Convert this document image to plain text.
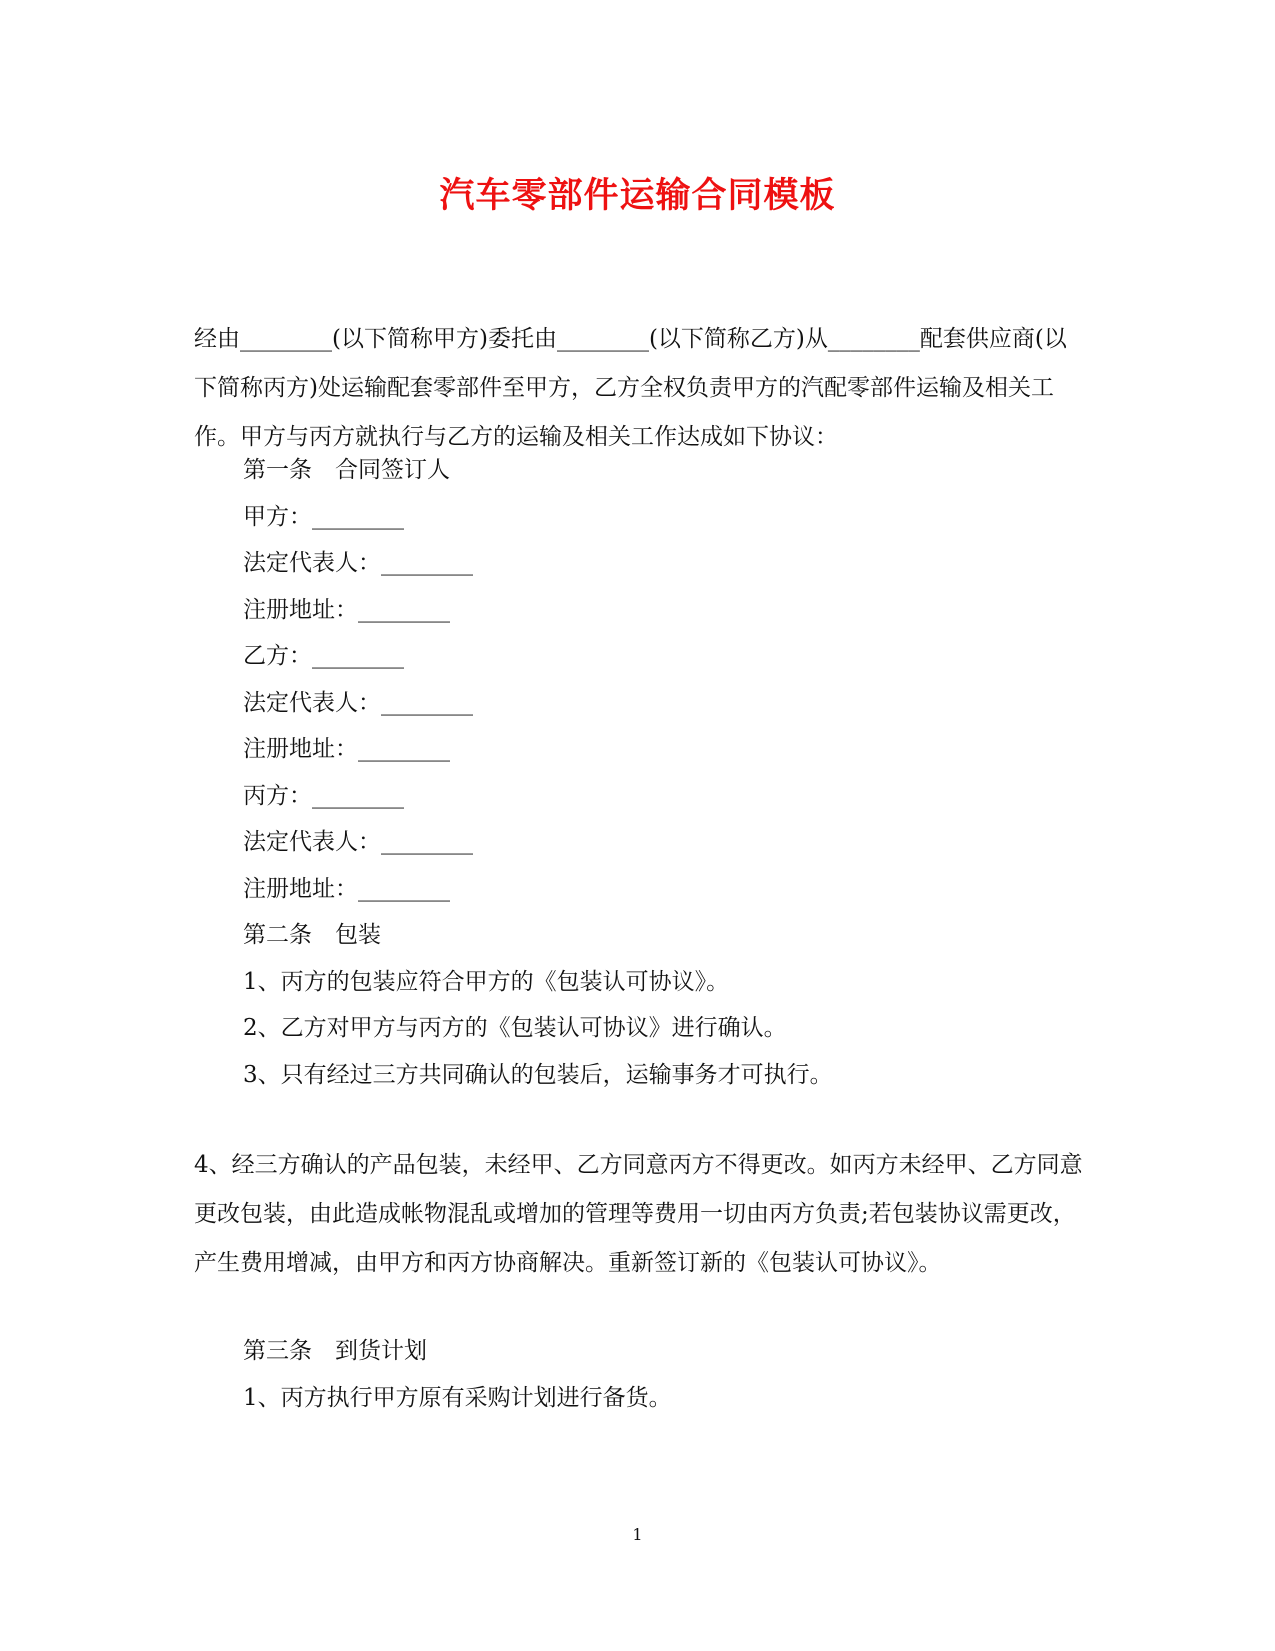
汽车零部件运输合同模板

经由________(以下简称甲方)委托由________(以下简称乙方)从________配套供应商(以下简称丙方)处运输配套零部件至甲方，乙方全权负责甲方的汽配零部件运输及相关工作。甲方与丙方就执行与乙方的运输及相关工作达成如下协议：

第一条　合同签订人
甲方：________
法定代表人：________
注册地址：________
乙方：________
法定代表人：________
注册地址：________
丙方：________
法定代表人：________
注册地址：________
第二条　包装
1、丙方的包装应符合甲方的《包装认可协议》。
2、乙方对甲方与丙方的《包装认可协议》进行确认。
3、只有经过三方共同确认的包装后，运输事务才可执行。

4、经三方确认的产品包装，未经甲、乙方同意丙方不得更改。如丙方未经甲、乙方同意更改包装，由此造成帐物混乱或增加的管理等费用一切由丙方负责;若包装协议需更改，产生费用增减，由甲方和丙方协商解决。重新签订新的《包装认可协议》。

第三条　到货计划
1、丙方执行甲方原有采购计划进行备货。
1
